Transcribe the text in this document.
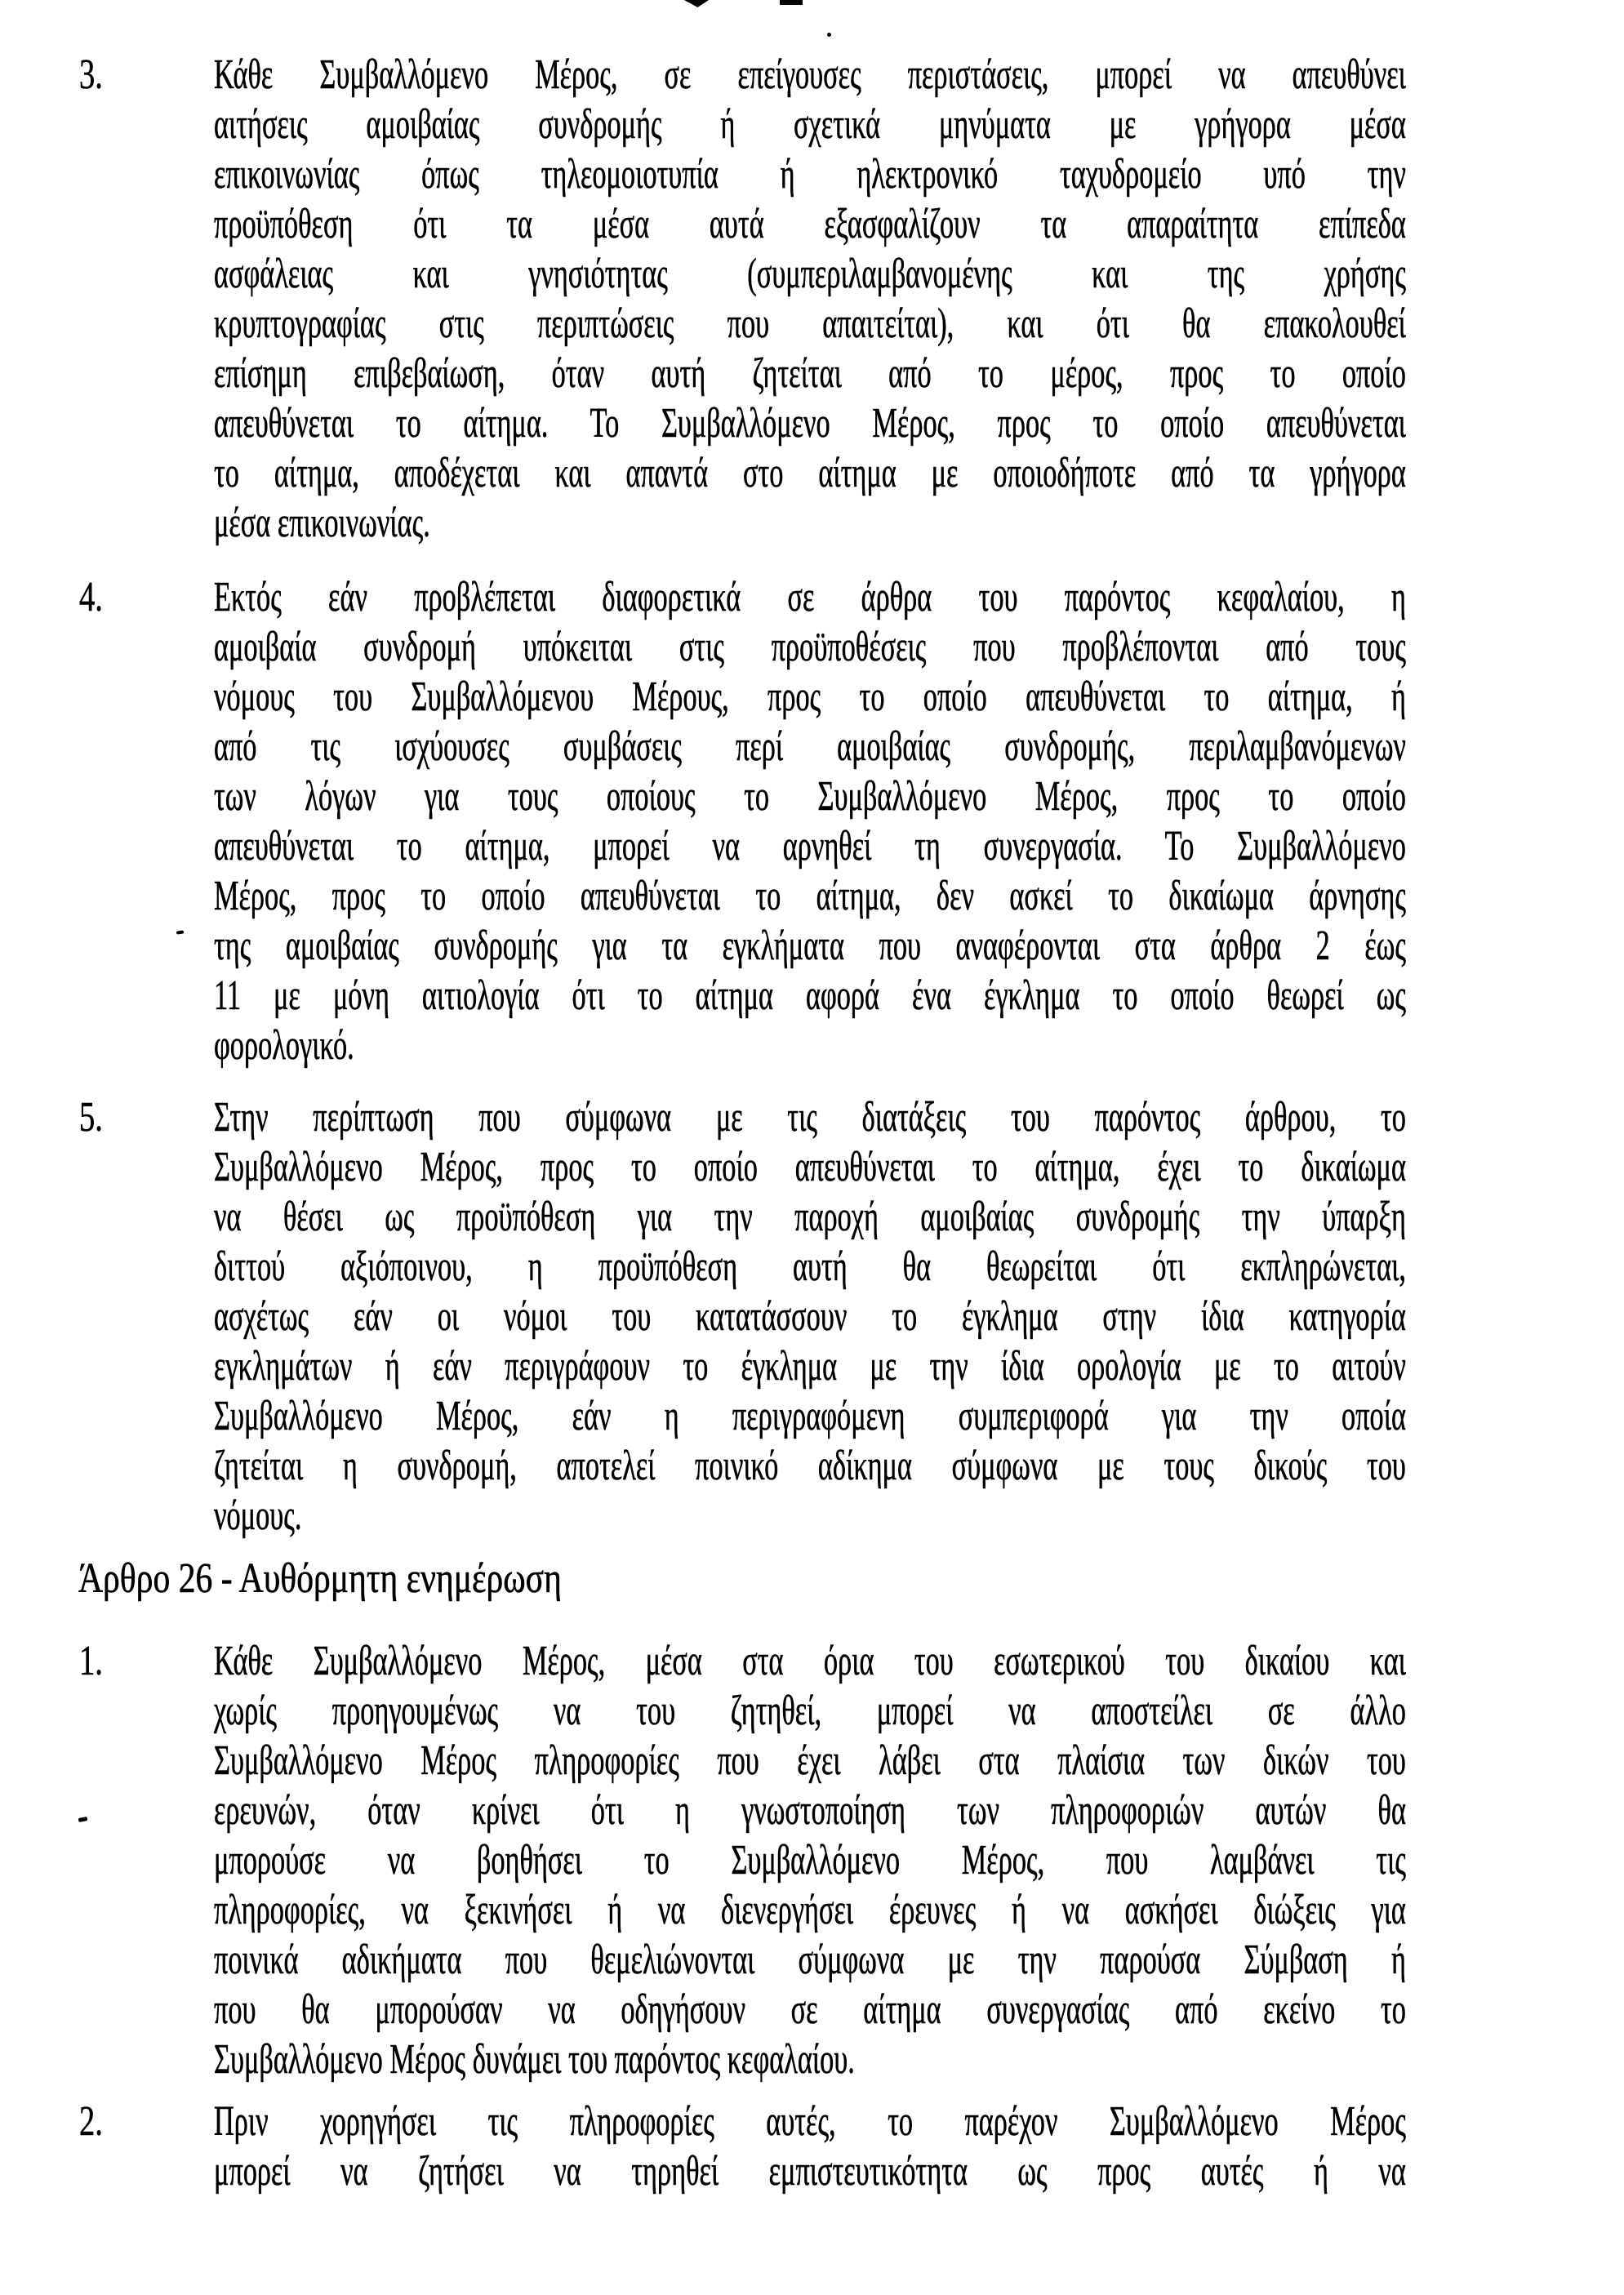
3.	Κάθε Συμβαλλόμενο Μέρος, σε επείγουσες περιστάσεις, μπορεί να απευθύνει
αιτήσεις αμοιβαίας συνδρομής ή σχετικά μηνύματα με γρήγορα μέσα
επικοινωνίας όπως τηλεομοιοτυπία ή ηλεκτρονικό ταχυδρομείο υπό την
προϋπόθεση ότι τα μέσα αυτά εξασφαλίζουν τα απαραίτητα επίπεδα
ασφάλειας και γνησιότητας (συμπεριλαμβανομένης και της χρήσης
κρυπτογραφίας στις περιπτώσεις που απαιτείται), και ότι θα επακολουθεί
επίσημη επιβεβαίωση, όταν αυτή ζητείται από το μέρος, προς το οποίο
απευθύνεται το αίτημα. Το Συμβαλλόμενο Μέρος, προς το οποίο απευθύνεται
το αίτημα, αποδέχεται και απαντά στο αίτημα με οποιοδήποτε από τα γρήγορα
μέσα επικοινωνίας.
4.	Εκτός εάν προβλέπεται διαφορετικά σε άρθρα του παρόντος κεφαλαίου, η
αμοιβαία συνδρομή υπόκειται στις προϋποθέσεις που προβλέπονται από τους
νόμους του Συμβαλλόμενου Μέρους, προς το οποίο απευθύνεται το αίτημα, ή
από τις ισχύουσες συμβάσεις περί αμοιβαίας συνδρομής, περιλαμβανόμενων
των λόγων για τους οποίους το Συμβαλλόμενο Μέρος, προς το οποίο
απευθύνεται το αίτημα, μπορεί να αρνηθεί τη συνεργασία. Το Συμβαλλόμενο
Μέρος, προς το οποίο απευθύνεται το αίτημα, δεν ασκεί το δικαίωμα άρνησης
της αμοιβαίας συνδρομής για τα εγκλήματα που αναφέρονται στα άρθρα 2 έως
11 με μόνη αιτιολογία ότι το αίτημα αφορά ένα έγκλημα το οποίο θεωρεί ως
φορολογικό.
5.	Στην περίπτωση που σύμφωνα με τις διατάξεις του παρόντος άρθρου, το
Συμβαλλόμενο Μέρος, προς το οποίο απευθύνεται το αίτημα, έχει το δικαίωμα
να θέσει ως προϋπόθεση για την παροχή αμοιβαίας συνδρομής την ύπαρξη
διττού αξιόποινου, η προϋπόθεση αυτή θα θεωρείται ότι εκπληρώνεται,
ασχέτως εάν οι νόμοι του κατατάσσουν το έγκλημα στην ίδια κατηγορία
εγκλημάτων ή εάν περιγράφουν το έγκλημα με την ίδια ορολογία με το αιτούν
Συμβαλλόμενο Μέρος, εάν η περιγραφόμενη συμπεριφορά για την οποία
ζητείται η συνδρομή, αποτελεί ποινικό αδίκημα σύμφωνα με τους δικούς του
νόμους.
Άρθρο 26 - Αυθόρμητη ενημέρωση
1.	Κάθε Συμβαλλόμενο Μέρος, μέσα στα όρια του εσωτερικού του δικαίου και
χωρίς προηγουμένως να του ζητηθεί, μπορεί να αποστείλει σε άλλο
Συμβαλλόμενο Μέρος πληροφορίες που έχει λάβει στα πλαίσια των δικών του
ερευνών, όταν κρίνει ότι η γνωστοποίηση των πληροφοριών αυτών θα
μπορούσε να βοηθήσει το Συμβαλλόμενο Μέρος, που λαμβάνει τις
πληροφορίες, να ξεκινήσει ή να διενεργήσει έρευνες ή να ασκήσει διώξεις για
ποινικά αδικήματα που θεμελιώνονται σύμφωνα με την παρούσα Σύμβαση ή
που θα μπορούσαν να οδηγήσουν σε αίτημα συνεργασίας από εκείνο το
Συμβαλλόμενο Μέρος δυνάμει του παρόντος κεφαλαίου.
2.	Πριν χορηγήσει τις πληροφορίες αυτές, το παρέχον Συμβαλλόμενο Μέρος
μπορεί να ζητήσει να τηρηθεί εμπιστευτικότητα ως προς αυτές ή να
